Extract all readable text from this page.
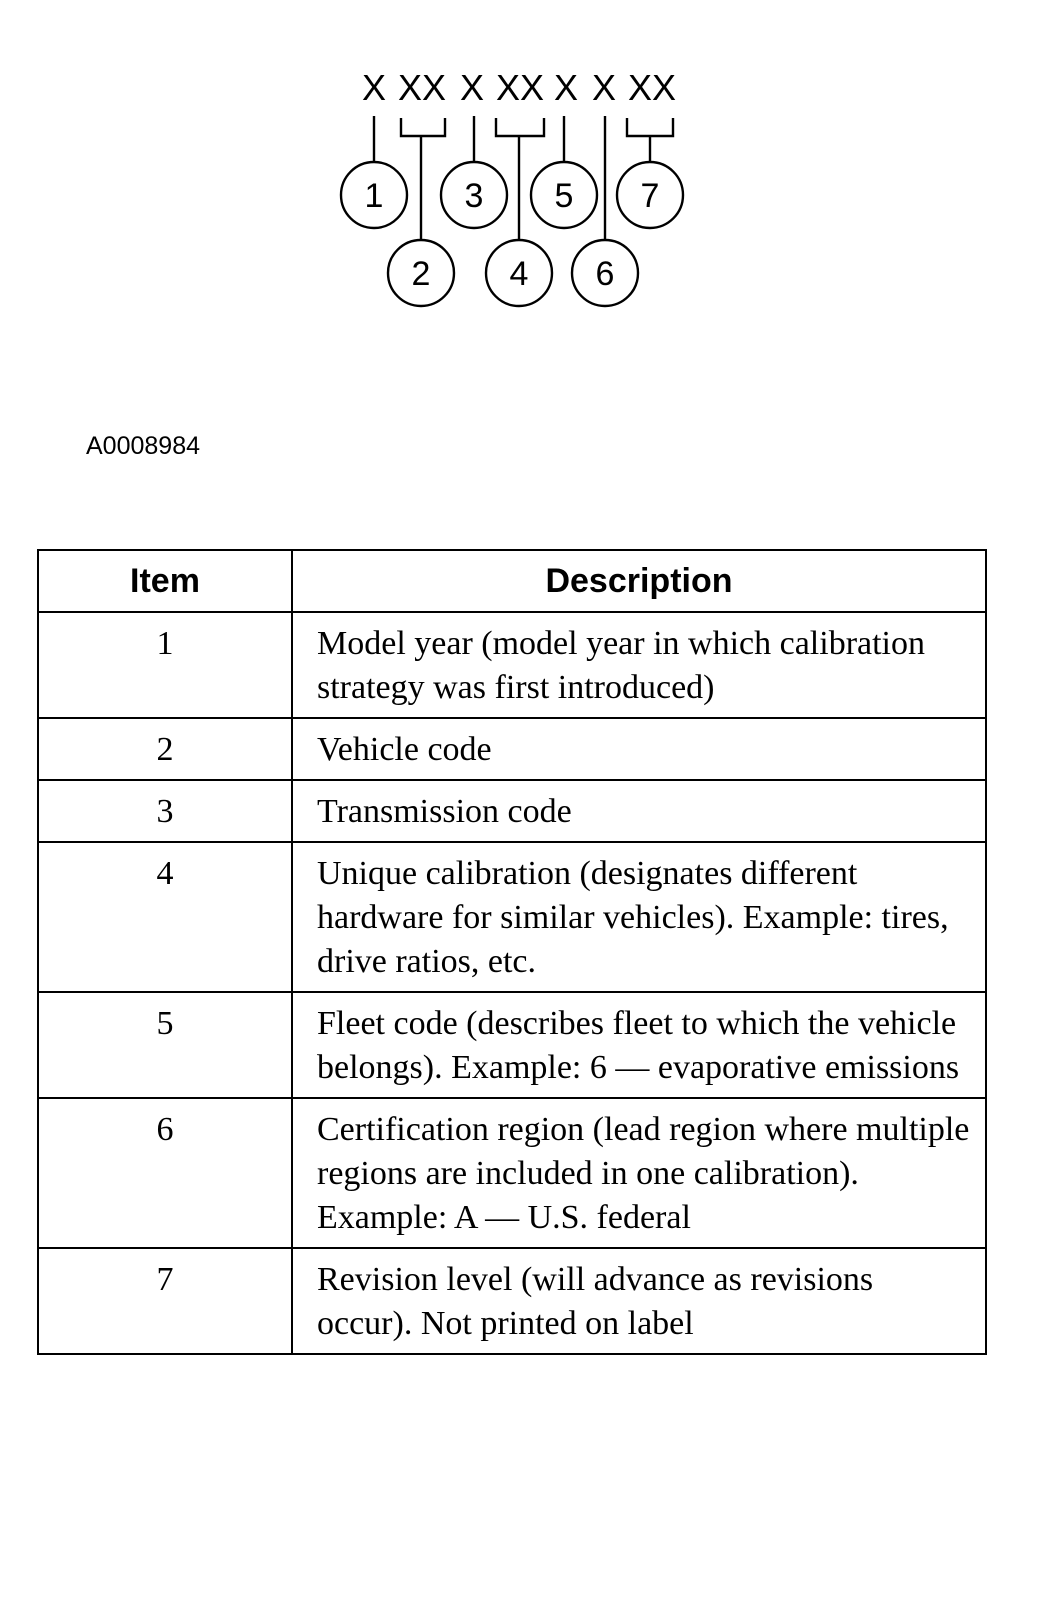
X XX X XX X X XX
1 3 5 7
2 4 6
A0008984
Item	Description
1	Model year (model year in which calibration strategy was first introduced)
2	Vehicle code
3	Transmission code
4	Unique calibration (designates different hardware for similar vehicles). Example: tires, drive ratios, etc.
5	Fleet code (describes fleet to which the vehicle belongs). Example: 6 — evaporative emissions
6	Certification region (lead region where multiple regions are included in one calibration). Example: A — U.S. federal
7	Revision level (will advance as revisions occur). Not printed on label
